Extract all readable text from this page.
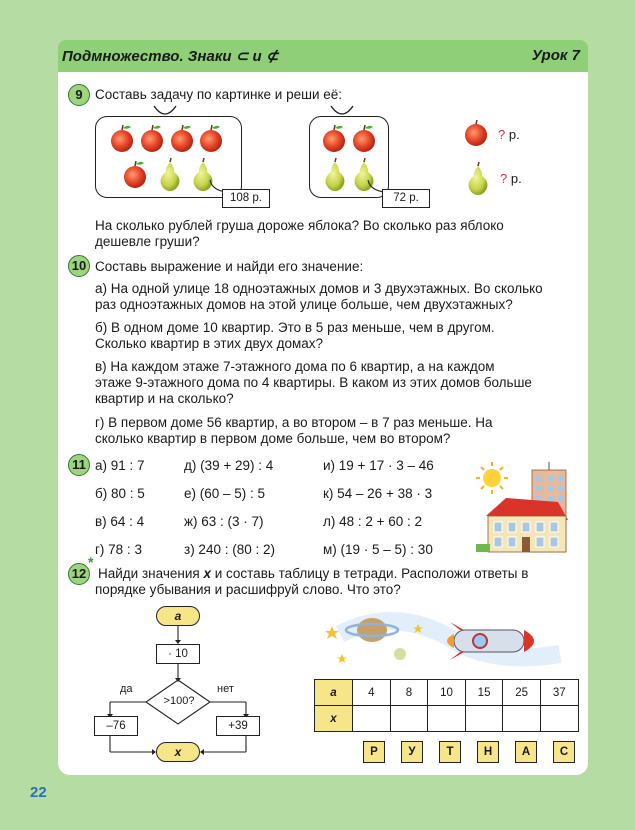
Подмножество. Знаки ⊂ и ⊄	Урок 7
9 Составь задачу по картинке и реши её:
108 р.	72 р.
? р.
? р.
На сколько рублей груша дороже яблока? Во сколько раз яблоко
дешевле груши?
10 Составь выражение и найди его значение:
а) На одной улице 18 одноэтажных домов и 3 двухэтажных. Во сколько
раз одноэтажных домов на этой улице больше, чем двухэтажных?
б) В одном доме 10 квартир. Это в 5 раз меньше, чем в другом.
Сколько квартир в этих двух домах?
в) На каждом этаже 7-этажного дома по 6 квартир, а на каждом
этаже 9-этажного дома по 4 квартиры. В каком из этих домов больше
квартир и на сколько?
г) В первом доме 56 квартир, а во втором – в 7 раз меньше. На
сколько квартир в первом доме больше, чем во втором?
11 а) 91 : 7
б) 80 : 5
в) 64 : 4
г) 78 : 3
д) (39 + 29) : 4
е) (60 – 5) : 5
ж) 63 : (3 · 7)
з) 240 : (80 : 2)
и) 19 + 17 · 3 – 46
к) 54 – 26 + 38 · 3
л) 48 : 2 + 60 : 2
м) (19 · 5 – 5) : 30
12
*
Найди значения x и составь таблицу в тетради. Расположи ответы в
порядке убывания и расшифруй слово. Что это?
a
· 10
>100?
да	нет
–76	+39
x
a	4	8	10	15	25	37
x						
Р	У	Т	Н	А	С
22
